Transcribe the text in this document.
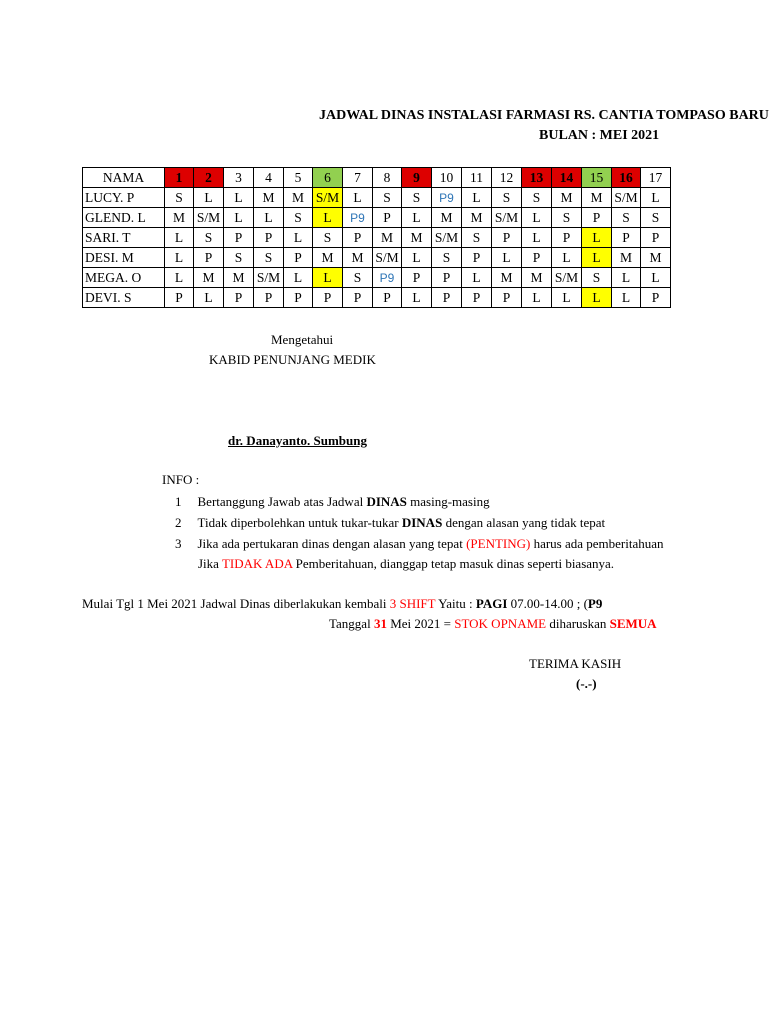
JADWAL DINAS INSTALASI FARMASI RS. CANTIA TOMPASO BARU
BULAN : MEI 2021
NAMA	1	2	3	4	5	6	7	8	9	10	11	12	13	14	15	16	17
LUCY. P	S	L	L	M	M	S/M	L	S	S	P9	L	S	S	M	M	S/M	L
GLEND. L	M	S/M	L	L	S	L	P9	P	L	M	M	S/M	L	S	P	S	S
SARI. T	L	S	P	P	L	S	P	M	M	S/M	S	P	L	P	L	P	P
DESI. M	L	P	S	S	P	M	M	S/M	L	S	P	L	P	L	L	M	M
MEGA. O	L	M	M	S/M	L	L	S	P9	P	P	L	M	M	S/M	S	L	L
DEVI. S	P	L	P	P	P	P	P	P	L	P	P	P	L	L	L	L	P
Mengetahui
KABID PENUNJANG MEDIK
dr. Danayanto. Sumbung
INFO :
1 Bertanggung Jawab atas Jadwal DINAS masing-masing
2 Tidak diperbolehkan untuk tukar-tukar DINAS dengan alasan yang tidak tepat
3 Jika ada pertukaran dinas dengan alasan yang tepat (PENTING) harus ada pemberitahuan
Jika TIDAK ADA Pemberitahuan, dianggap tetap masuk dinas seperti biasanya.
Mulai Tgl 1 Mei 2021 Jadwal Dinas diberlakukan kembali 3 SHIFT Yaitu : PAGI 07.00-14.00 ; (P9
Tanggal 31 Mei 2021 = STOK OPNAME diharuskan SEMUA
TERIMA KASIH
(-.-)
